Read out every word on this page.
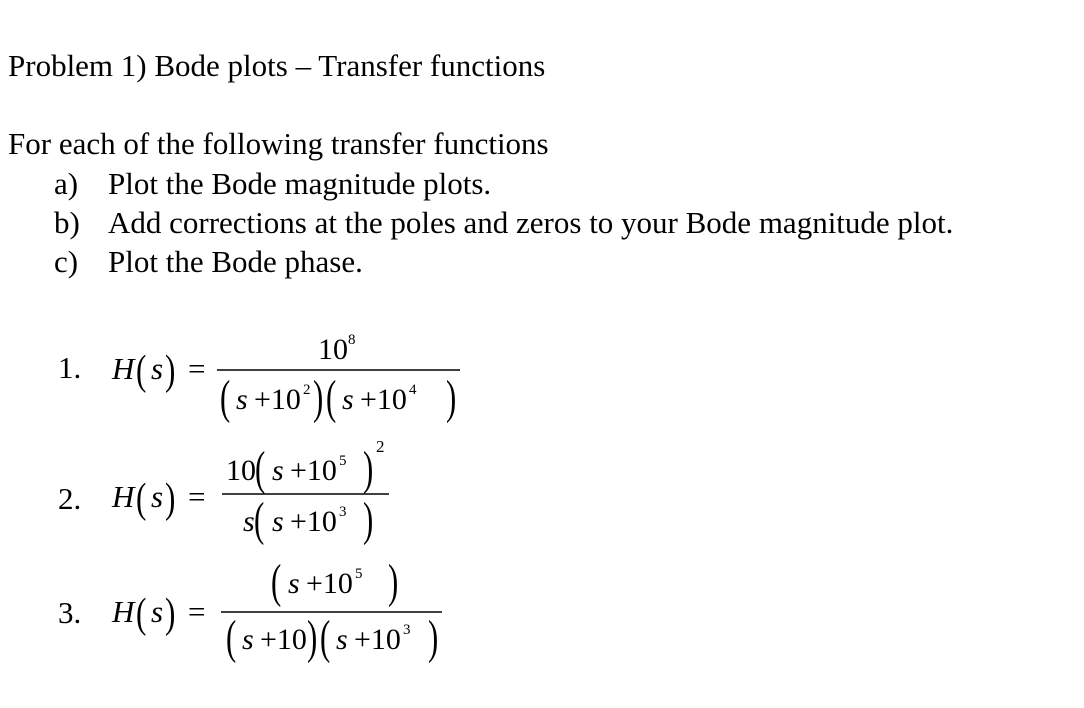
Problem 1) Bode plots – Transfer functions
For each of the following transfer functions
a) Plot the Bode magnitude plots.
b) Add corrections at the poles and zeros to your Bode magnitude plot.
c) Plot the Bode phase.
1.
2.
3.
H ( s ) =
10 8
( s +10 2 ) ( s +10 4 )
H ( s ) =
10 ( s +10 5 ) 2
s ( s +10 3 )
H ( s ) =
( s +10 5 )
( s +10 ) ( s +10 3 )
